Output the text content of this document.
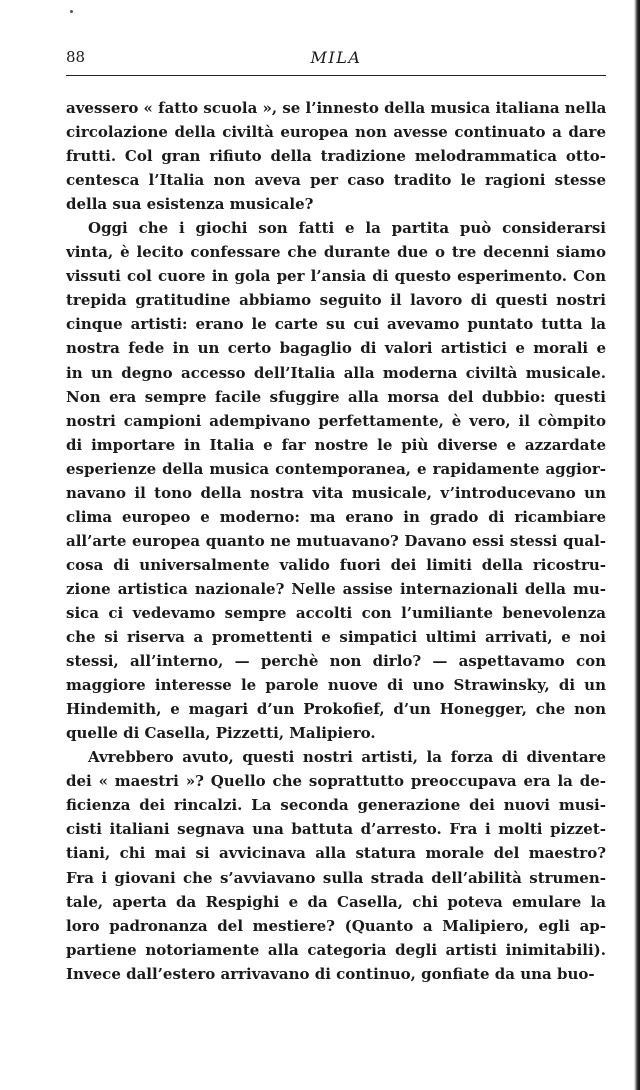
88	MILA
avessero « fatto scuola », se l’innesto della musica italiana nella
circolazione della civiltà europea non avesse continuato a dare
frutti. Col gran rifiuto della tradizione melodrammatica otto-
centesca l’Italia non aveva per caso tradito le ragioni stesse
della sua esistenza musicale?
Oggi che i giochi son fatti e la partita può considerarsi
vinta, è lecito confessare che durante due o tre decenni siamo
vissuti col cuore in gola per l’ansia di questo esperimento. Con
trepida gratitudine abbiamo seguito il lavoro di questi nostri
cinque artisti: erano le carte su cui avevamo puntato tutta la
nostra fede in un certo bagaglio di valori artistici e morali e
in un degno accesso dell’Italia alla moderna civiltà musicale.
Non era sempre facile sfuggire alla morsa del dubbio: questi
nostri campioni adempivano perfettamente, è vero, il còmpito
di importare in Italia e far nostre le più diverse e azzardate
esperienze della musica contemporanea, e rapidamente aggior-
navano il tono della nostra vita musicale, v’introducevano un
clima europeo e moderno: ma erano in grado di ricambiare
all’arte europea quanto ne mutuavano? Davano essi stessi qual-
cosa di universalmente valido fuori dei limiti della ricostru-
zione artistica nazionale? Nelle assise internazionali della mu-
sica ci vedevamo sempre accolti con l’umiliante benevolenza
che si riserva a promettenti e simpatici ultimi arrivati, e noi
stessi, all’interno, — perchè non dirlo? — aspettavamo con
maggiore interesse le parole nuove di uno Strawinsky, di un
Hindemith, e magari d’un Prokofief, d’un Honegger, che non
quelle di Casella, Pizzetti, Malipiero.
Avrebbero avuto, questi nostri artisti, la forza di diventare
dei « maestri »? Quello che soprattutto preoccupava era la de-
ficienza dei rincalzi. La seconda generazione dei nuovi musi-
cisti italiani segnava una battuta d’arresto. Fra i molti pizzet-
tiani, chi mai si avvicinava alla statura morale del maestro?
Fra i giovani che s’avviavano sulla strada dell’abilità strumen-
tale, aperta da Respighi e da Casella, chi poteva emulare la
loro padronanza del mestiere? (Quanto a Malipiero, egli ap-
partiene notoriamente alla categoria degli artisti inimitabili).
Invece dall’estero arrivavano di continuo, gonfiate da una buo-
